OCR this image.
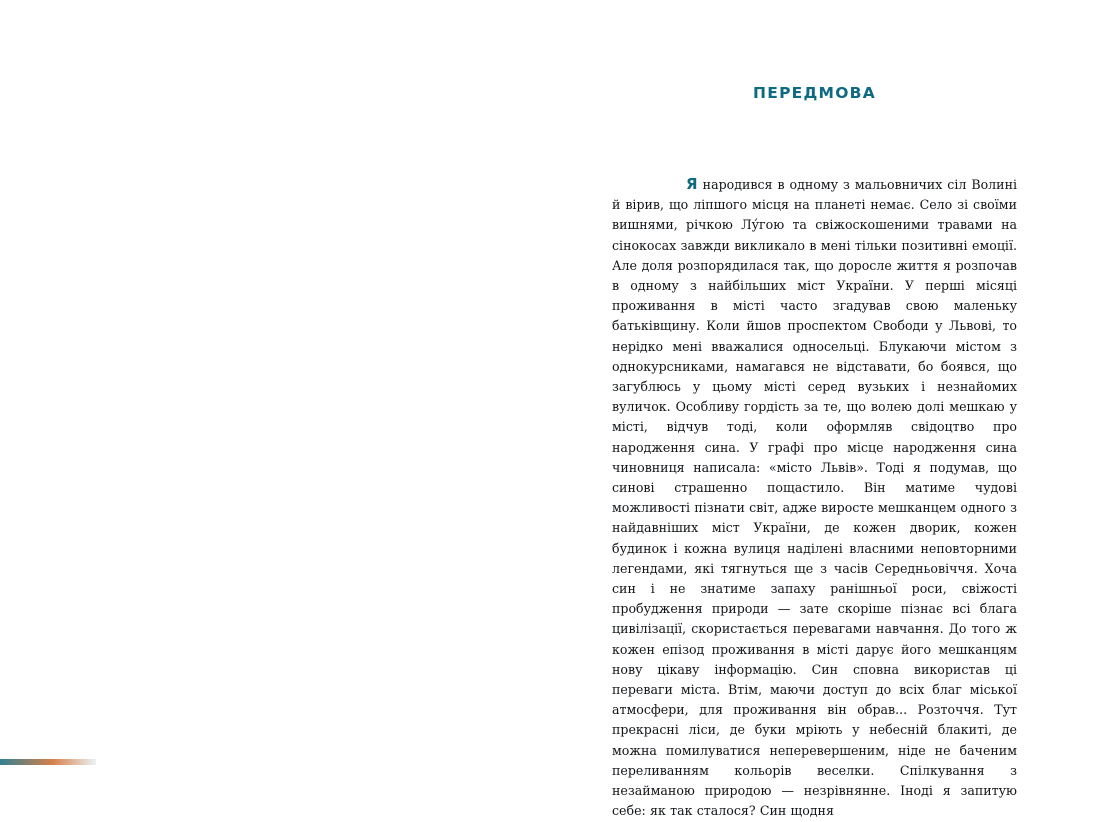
ПЕРЕДМОВА

Я народився в одному з мальовничих сіл Волині й вірив, що ліпшого місця на планеті немає. Село зі своїми вишнями, річкою Лу́гою та свіжоскошеними травами на сінокосах завжди викликало в мені тільки позитивні емоції. Але доля розпорядилася так, що доросле життя я розпочав в одному з найбільших міст України. У перші місяці проживання в місті часто згадував свою маленьку батьківщину. Коли йшов проспектом Свободи у Львові, то нерідко мені вважалися односельці. Блукаючи містом з однокурсниками, намагався не відставати, бо боявся, що загублюсь у цьому місті серед вузьких і незнайомих вуличок. Особливу гордість за те, що волею долі мешкаю у місті, відчув тоді, коли оформляв свідоцтво про народження сина. У графі про місце народження сина чиновниця написала: «місто Львів». Тоді я подумав, що синові страшенно пощастило. Він матиме чудові можливості пізнати світ, адже виросте мешканцем одного з найдавніших міст України, де кожен дворик, кожен будинок і кожна вулиця наділені власними неповторними легендами, які тягнуться ще з часів Середньовіччя. Хоча син і не знатиме запаху ранішньої роси, свіжості пробудження природи — зате скоріше пізнає всі блага цивілізації, скористається перевагами навчання. До того ж кожен епізод проживання в місті дарує його мешканцям нову цікаву інформацію. Син сповна використав ці переваги міста. Втім, маючи доступ до всіх благ міської атмосфери, для проживання він обрав... Розточчя. Тут прекрасні ліси, де буки мріють у небесній блакиті, де можна помилуватися неперевершеним, ніде не баченим переливанням кольорів веселки. Спілкування з незайманою природою — незрівнянне. Іноді я запитую себе: як так сталося? Син щодня
